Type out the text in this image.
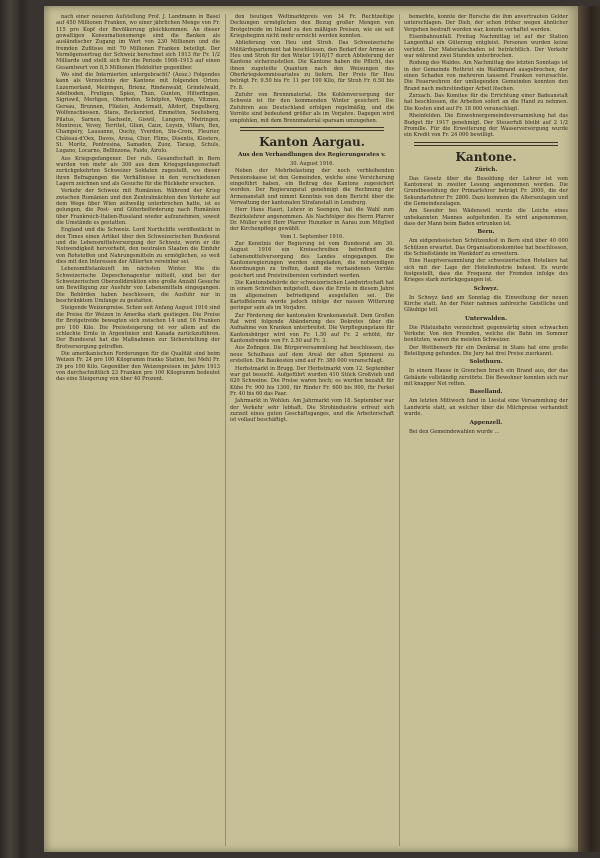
nach einer neueren Aufstellung Prof. J. Landmann in Basel auf 450 Millionen Franken, wo einer jährlichen Menge von Fr. 115 pro Kopf der Bevölkerung gleichkommen. An dieser gewaltigen Konsumationsmenge sind die Banken als ausländischer Zugang im Wert von 230 Millionen und die fremden Zuflüsse mit 70 Millionen Franken beteiligt. Der Vermögensertrag der Schweiz berechnet sich 1913 für Fr. 1/2 Milliarde und stellt sich für die Periode 1908–1913 auf einen Gesamtwert von 8,5 Millionen Hektoliter gegenüber.

Wo sind die Internierten untergebracht? (Ausz.) Folgendes kann als Verzeichnis der Kantone mit folgenden Orten: Luzernerland, Meiringen, Brienz, Rindenwald, Grindelwald, Adelboden, Frutigen, Spiez, Thun, Gunten, Hilterfingen, Sigriswil, Merligen, Oberhofen, Schöpfen, Weggis, Vitznau, Gersau, Brunnen, Flüelen, Andermatt, Altdorf, Engelberg, Wolfenschiessen, Stans, Beckenried, Emmetten, Seelisberg, Pilatus, Sarnen, Sachseln, Giswil, Lungern, Meiringen, Montreux, Vevey, Territet, Glion, Caux, Leysin, Villars, Bex, Champéry, Lausanne, Ouchy, Yverdon, Ste-Croix, Fleurier, Château-d'Oex, Davos, Arosa, Chur, Flims, Disentis, Klosters, St. Moritz, Pontresina, Samaden, Zuoz, Tarasp, Schuls, Lugano, Locarno, Bellinzona, Faido, Airolo.

Aus Kriegsgefangener. Der rufs. Gesandtschaft in Bern wurden von mehr als 300 aus dem Kriegsgefangenschaft zurückgekehrten Schweizer Soldaten zugestellt, wo dieser ihren Befragungen die Verhältnisse in den verschiedenen Lagern zeichnen und als Gesuche für die Rückkehr ersuchen.

Verkehr der Schweiz mit Rumänien. Während der Krieg zwischen Rumänien und den Zentralmächten den Verkehr auf dem Wege über Wien zeitweilig unterbrochen hatte, ist es gelungen, die Post- und Güterbeförderung nach Rumänien über Frankreich-Italien-Russland wieder aufzunehmen, soweit die Umstände es gestatten.

England und die Schweiz. Lord Northcliffe veröffentlicht in den Times einen Artikel über den Schweizerischen Bundesrat und die Lebensmittelversorgung der Schweiz, worin er die Notwendigkeit hervorhebt, den neutralen Staaten die Einfuhr von Rohstoffen und Nahrungsmitteln zu ermöglichen, so weit dies mit den Interessen der Alliierten vereinbar sei.

Lebensmittelankunft im nächsten Winter. Wie die Schweizerische Depeschenagentur mitteilt, sind bei der Schweizerischen Oberzolldirektion eine große Anzahl Gesuche um Bewilligung zur Ausfuhr von Lebensmitteln eingegangen. Die Behörden haben beschlossen, die Ausfuhr nur in beschränktem Umfange zu gestatten.

Steigende Weizenpreise. Schon seit Anfang August 1916 sind die Preise für Weizen in Amerika stark gestiegen. Die Preise für Brotgetreide bewegten sich zwischen 14 und 16 Franken pro 100 Kilo. Die Preissteigerung ist vor allem auf die schlechte Ernte in Argentinien und Kanada zurückzuführen. Der Bundesrat hat die Maßnahmen zur Sicherstellung der Brotversorgung getroffen.

Die amerikanischen Forderungen für die Qualität sind beim Weizen Fr. 24 pro 100 Kilogramm franko Station, bei Mehl Fr. 39 pro 100 Kilo. Gegenüber den Weizenpreisen im Jahre 1913 von durchschnittlich 23 Franken pro 100 Kilogramm bedeutet das eine Steigerung von über 40 Prozent.

den heutigen Weltmarktpreis von 34 Fr. Rechtzeitige Deckungen ermöglichen den Bezug großer Mengen von Brotgetreide im Inland zu den mäßigen Preisen, wie sie seit Kriegsbeginn nicht mehr erreicht werden konnten.

Ablieferung von Heu und Stroh. Das Schweizerische Militärdepartement hat beschlossen, den Bedarf der Armee an Heu und Stroh für den Winter 1916/17 durch Ablieferung der Kantone sicherzustellen. Die Kantone haben die Pflicht, das ihnen zugeteilte Quantum nach den Weisungen des Oberkriegskommissariates zu liefern. Der Preis für Heu beträgt Fr. 9.50 bis Fr. 11 per 100 Kilo, für Stroh Fr. 6.50 bis Fr. 8.

Zufuhr von Brennmaterial. Die Kohlenversorgung der Schweiz ist für den kommenden Winter gesichert. Die Zufuhren aus Deutschland erfolgen regelmäßig, und die Vorräte sind bedeutend größer als im Vorjahre. Dagegen wird empfohlen, mit dem Brennmaterial sparsam umzugehen.

Kanton Aargau.
Aus den Verhandlungen des Regierungsrates v.
30. August 1916.

Neben der Mehrbelastung der noch verbleibenden Pensionskasse ist den Gemeinden, welche eine Versicherung eingeführt haben, ein Beitrag des Kantons zugesichert worden. Der Regierungsrat genehmigt die Rechnung der Armenanstalt und nimmt Kenntnis von dem Bericht über die Verwaltung der kantonalen Strafanstalt in Lenzburg.

Herr Hans Hauri, Lehrer in Seengen, hat die Wahl zum Bezirkslehrer angenommen. Als Nachfolger des Herrn Pfarrer Dr. Müller wird Herr Pfarrer Hunziker in Aarau zum Mitglied der Kirchenpflege gewählt.

Vom 1. September 1916.

Zur Kenntnis der Regierung ist vom Bundesrat am 30. August 1916 ein Kreisschreiben betreffend die Lebensmittelversorgung des Landes eingegangen. Die Kantonsregierungen werden eingeladen, die notwendigen Anordnungen zu treffen, damit die vorhandenen Vorräte gesichert und Preistreibereien verhindert werden.

Die Kantonsbehörde der schweizerischen Landwirtschaft hat in einem Schreiben mitgeteilt, dass die Ernte in diesem Jahre im allgemeinen befriedigend ausgefallen sei. Die Kartoffelernte werde jedoch infolge der nassen Witterung geringer sein als im Vorjahre.

Zur Förderung der kantonalen Krankenanstalt. Dem Großen Rat wird folgende Abänderung des Dekretes über die Aufnahme von Kranken unterbreitet. Die Verpflegungstaxe für Kantonsbürger wird von Fr. 1.50 auf Fr. 2 erhöht, für Kantonsfremde von Fr. 2.50 auf Fr. 3.

Aus Zofingen. Die Bürgerversammlung hat beschlossen, das neue Schulhaus auf dem Areal der alten Spinnerei zu erstellen. Die Baukosten sind auf Fr. 380 000 veranschlagt.

Herbstmarkt in Brugg. Der Herbstmarkt vom 12. September war gut besucht. Aufgeführt wurden 410 Stück Großvieh und 620 Schweine. Die Preise waren hoch; es wurden bezahlt für Kühe Fr. 900 bis 1300, für Rinder Fr. 600 bis 900, für Ferkel Fr. 40 bis 60 das Paar.

Jahrmarkt in Wohlen. Am Jahrmarkt vom 18. September war der Verkehr sehr lebhaft. Die Strohindustrie erfreut sich zurzeit eines guten Geschäftsganges, und die Arbeiterschaft ist vollauf beschäftigt.

bemerkte, konnte der Bursche die ihm anvertrauten Gelder unterschlagen. Der Dieb, der schon früher wegen ähnlicher Vergehen bestraft worden war, konnte verhaftet werden.

Eisenbahnunfall. Freitag Nachmittag ist auf der Station Langenthal ein Güterzug entgleist. Personen wurden keine verletzt. Der Materialschaden ist beträchtlich. Der Verkehr war während zwei Stunden unterbrochen.

Rodung des Waldes. Am Nachmittag des letzten Sonntags ist in der Gemeinde Rothrist ein Waldbrand ausgebrochen, der einen Schaden von mehreren tausend Franken verursachte. Die Feuerwehren der umliegenden Gemeinden konnten den Brand nach mehrstündiger Arbeit löschen.

Zurzach. Das Komitee für die Errichtung einer Badeanstalt hat beschlossen, die Arbeiten sofort an die Hand zu nehmen. Die Kosten sind auf Fr. 18 000 veranschlagt.

Rheinfelden. Die Einwohnergemeindeversammlung hat das Budget für 1917 genehmigt. Der Steuerfuß bleibt auf 2 1/2 Promille. Für die Erweiterung der Wasserversorgung wurde ein Kredit von Fr. 24 000 bewilligt.

Kantone.
Zürich.

Das Gesetz über die Besoldung der Lehrer ist vom Kantonsrat in zweiter Lesung angenommen worden. Die Grundbesoldung der Primarlehrer beträgt Fr. 2000, die der Sekundarlehrer Fr. 2800. Dazu kommen die Alterszulagen und die Gemeindezulagen.

Am Seeufer bei Wädenswil wurde die Leiche eines unbekannten Mannes aufgefunden. Es wird angenommen, dass der Mann beim Baden ertrunken ist.

Bern.

Am eidgenössischen Schützenfest in Bern sind über 40 000 Schützen erwartet. Das Organisationskomitee hat beschlossen, die Schießstände im Wankdorf zu erweitern.

Eine Hauptversammlung der schweizerischen Hoteliers hat sich mit der Lage der Hotelindustrie befasst. Es wurde festgestellt, dass die Frequenz der Fremden infolge des Krieges stark zurückgegangen ist.

Schwyz.

In Schwyz fand am Sonntag die Einweihung der neuen Kirche statt. An der Feier nahmen zahlreiche Geistliche und Gläubige teil.

Unterwalden.

Die Pilatusbahn verzeichnet gegenwärtig einen schwachen Verkehr. Von den Fremden, welche die Bahn im Sommer benützten, waren die meisten Schweizer.

Der Wettbewerb für ein Denkmal in Stans hat eine große Beteiligung gefunden. Die Jury hat drei Preise zuerkannt.

Solothurn.

In einem Hause in Grenchen brach ein Brand aus, der das Gebäude vollständig zerstörte. Die Bewohner konnten sich nur mit knapper Not retten.

Baselland.

Am letzten Mittwoch fand in Liestal eine Versammlung der Landwirte statt, an welcher über die Milchpreise verhandelt wurde.

Appenzell.

Bei den Gemeindewahlen wurde ...
